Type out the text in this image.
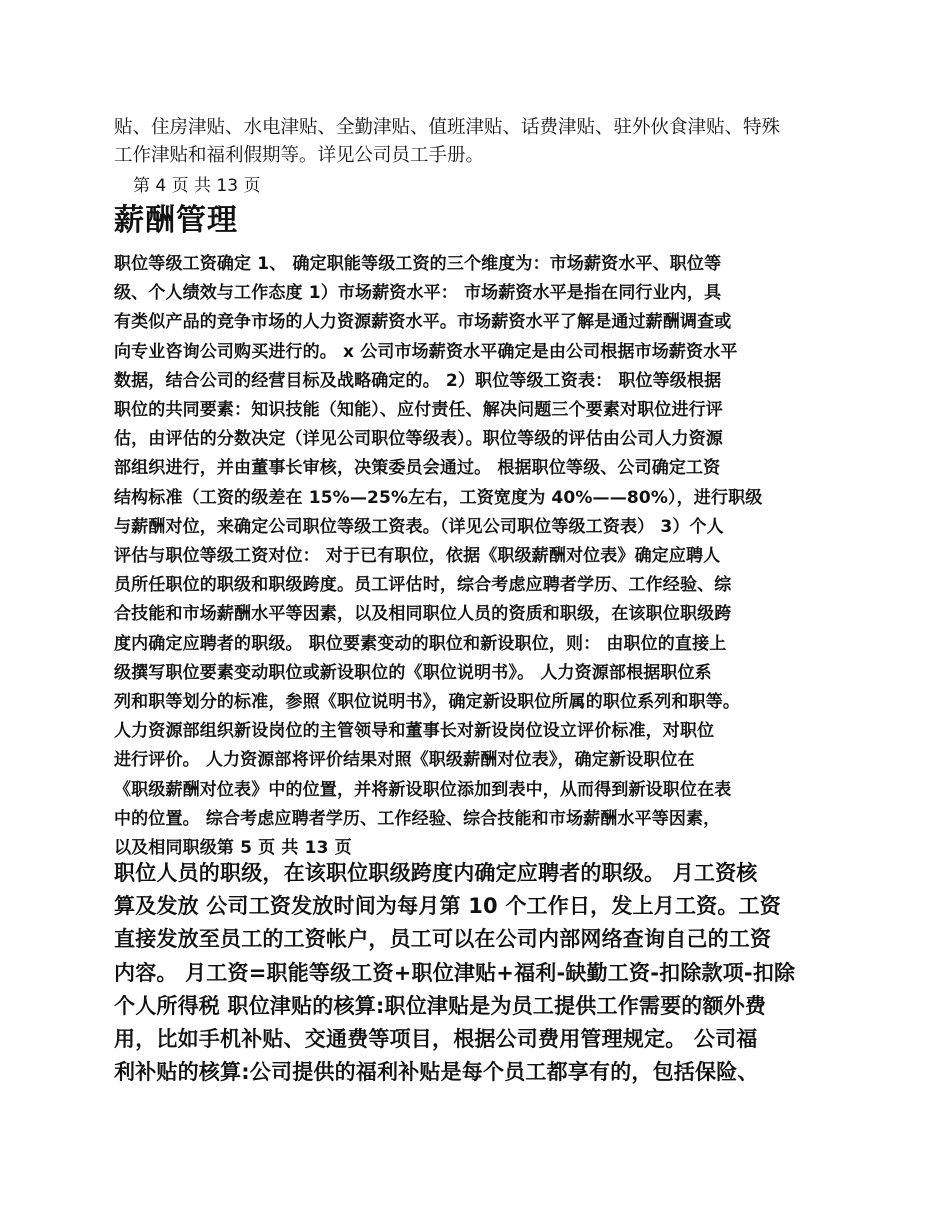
贴、住房津贴、水电津贴、全勤津贴、值班津贴、话费津贴、驻外伙食津贴、特殊
工作津贴和福利假期等。详见公司员工手册。
第 4 页 共 13 页
薪酬管理
职位等级工资确定 1、 确定职能等级工资的三个维度为：市场薪资水平、职位等
级、个人绩效与工作态度 1）市场薪资水平： 市场薪资水平是指在同行业内，具
有类似产品的竞争市场的人力资源薪资水平。市场薪资水平了解是通过薪酬调查或
向专业咨询公司购买进行的。 x 公司市场薪资水平确定是由公司根据市场薪资水平
数据，结合公司的经营目标及战略确定的。 2）职位等级工资表： 职位等级根据
职位的共同要素：知识技能（知能）、应付责任、解决问题三个要素对职位进行评
估，由评估的分数决定（详见公司职位等级表）。职位等级的评估由公司人力资源
部组织进行，并由董事长审核，决策委员会通过。 根据职位等级、公司确定工资
结构标准（工资的级差在 15%—25%左右，工资宽度为 40%——80%），进行职级
与薪酬对位，来确定公司职位等级工资表。（详见公司职位等级工资表） 3）个人
评估与职位等级工资对位： 对于已有职位，依据《职级薪酬对位表》确定应聘人
员所任职位的职级和职级跨度。员工评估时，综合考虑应聘者学历、工作经验、综
合技能和市场薪酬水平等因素，以及相同职位人员的资质和职级，在该职位职级跨
度内确定应聘者的职级。 职位要素变动的职位和新设职位，则： 由职位的直接上
级撰写职位要素变动职位或新设职位的《职位说明书》。 人力资源部根据职位系
列和职等划分的标准，参照《职位说明书》，确定新设职位所属的职位系列和职等。
人力资源部组织新设岗位的主管领导和董事长对新设岗位设立评价标准，对职位
进行评价。 人力资源部将评价结果对照《职级薪酬对位表》，确定新设职位在
《职级薪酬对位表》中的位置，并将新设职位添加到表中，从而得到新设职位在表
中的位置。 综合考虑应聘者学历、工作经验、综合技能和市场薪酬水平等因素，
以及相同职级第 5 页 共 13 页
职位人员的职级，在该职位职级跨度内确定应聘者的职级。 月工资核
算及发放 公司工资发放时间为每月第 10 个工作日，发上月工资。工资
直接发放至员工的工资帐户，员工可以在公司内部网络查询自己的工资
内容。 月工资=职能等级工资+职位津贴+福利-缺勤工资-扣除款项-扣除
个人所得税 职位津贴的核算:职位津贴是为员工提供工作需要的额外费
用，比如手机补贴、交通费等项目，根据公司费用管理规定。 公司福
利补贴的核算:公司提供的福利补贴是每个员工都享有的，包括保险、
